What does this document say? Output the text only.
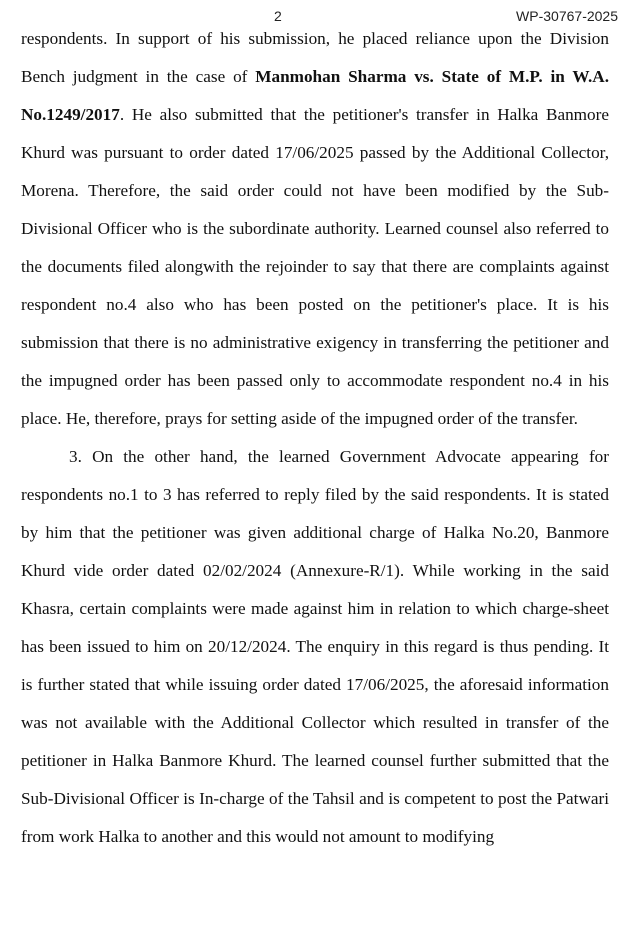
2	WP-30767-2025

respondents. In support of his submission, he placed reliance upon the Division Bench judgment in the case of Manmohan Sharma vs. State of M.P. in W.A. No.1249/2017. He also submitted that the petitioner's transfer in Halka Banmore Khurd was pursuant to order dated 17/06/2025 passed by the Additional Collector, Morena. Therefore, the said order could not have been modified by the Sub-Divisional Officer who is the subordinate authority. Learned counsel also referred to the documents filed alongwith the rejoinder to say that there are complaints against respondent no.4 also who has been posted on the petitioner's place. It is his submission that there is no administrative exigency in transferring the petitioner and the impugned order has been passed only to accommodate respondent no.4 in his place. He, therefore, prays for setting aside of the impugned order of the transfer.

3. On the other hand, the learned Government Advocate appearing for respondents no.1 to 3 has referred to reply filed by the said respondents. It is stated by him that the petitioner was given additional charge of Halka No.20, Banmore Khurd vide order dated 02/02/2024 (Annexure-R/1). While working in the said Khasra, certain complaints were made against him in relation to which charge-sheet has been issued to him on 20/12/2024. The enquiry in this regard is thus pending. It is further stated that while issuing order dated 17/06/2025, the aforesaid information was not available with the Additional Collector which resulted in transfer of the petitioner in Halka Banmore Khurd. The learned counsel further submitted that the Sub-Divisional Officer is In-charge of the Tahsil and is competent to post the Patwari from work Halka to another and this would not amount to modifying
